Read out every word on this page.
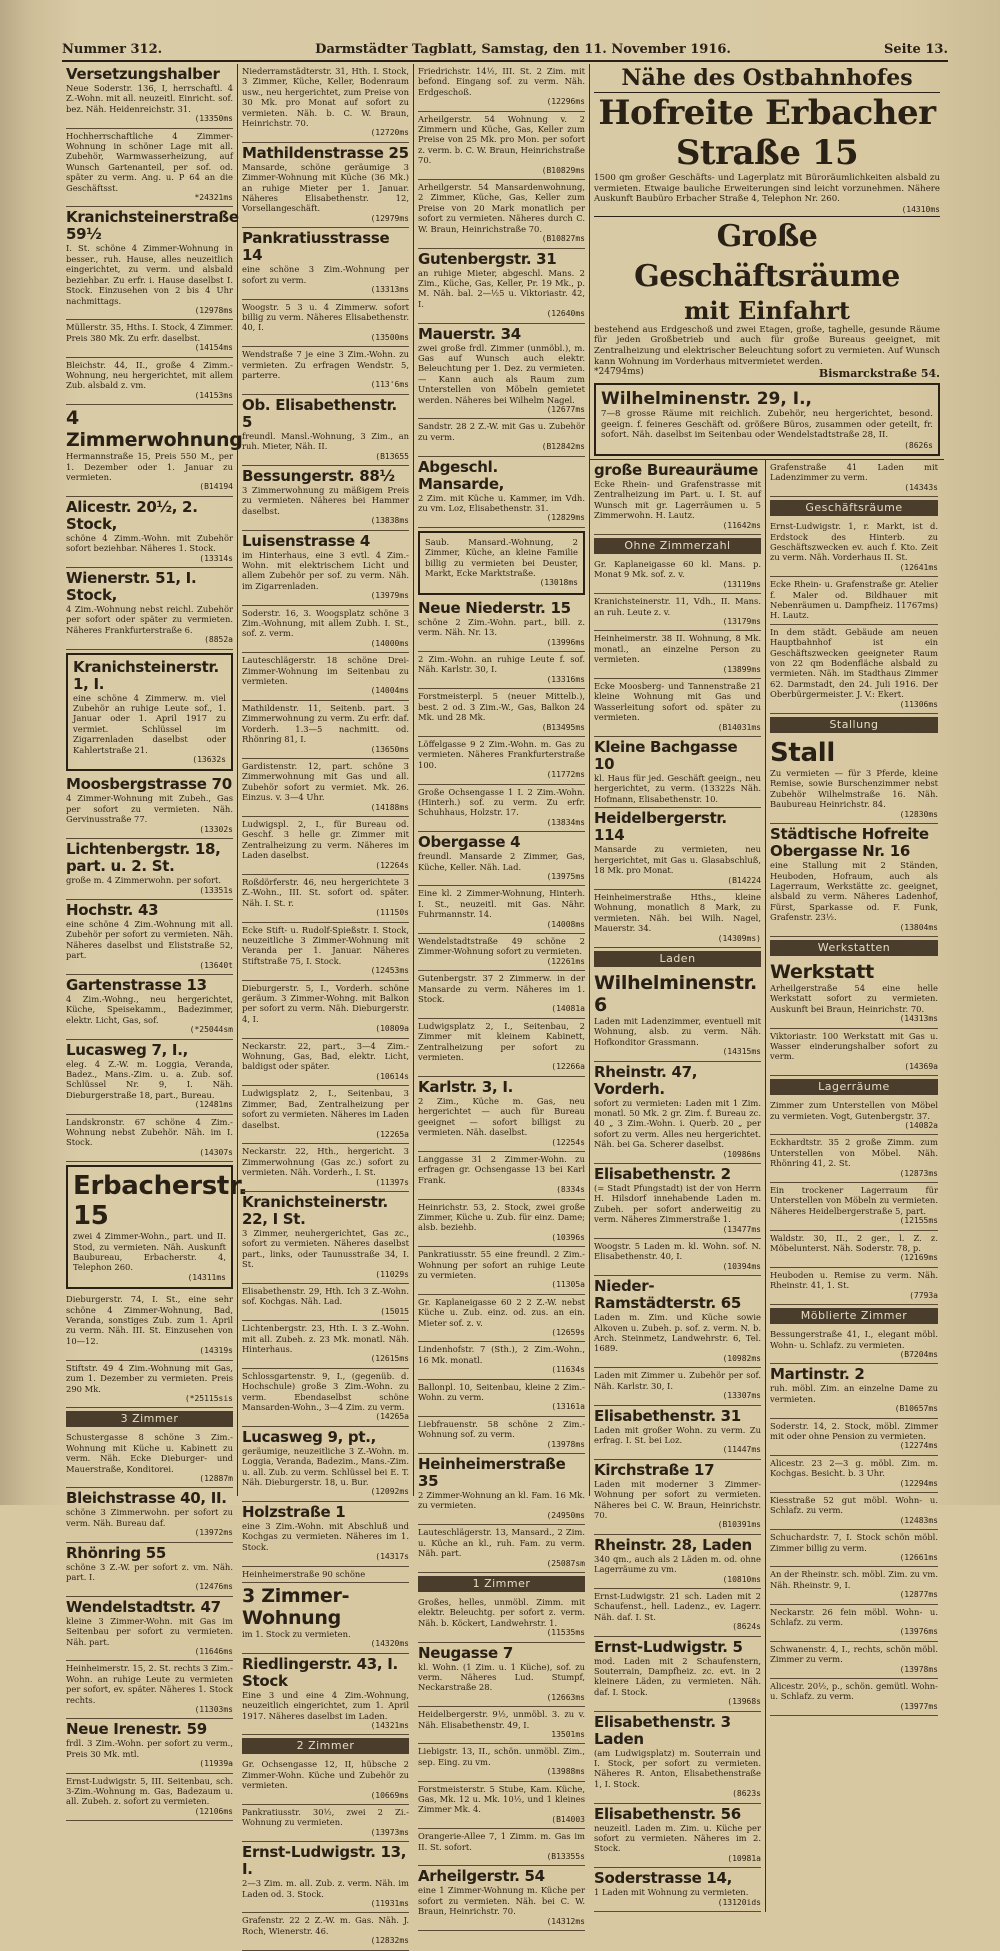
Nummer 312.	Darmstädter Tagblatt, Samstag, den 11. November 1916.	Seite 13.
Versetzungshalber
Neue Soderstr. 136, I, herrschaftl. 4 Z.-Wohn. mit all. neuzeitl. Einricht. sof. bez. Näh. Heidenreichstr. 31.
(13350ms
Hochherrschaftliche 4 Zimmer-Wohnung in schöner Lage mit all. Zubehör, Warmwasserheizung, auf Wunsch Gartenanteil, per sof. od. später zu verm. Ang. u. P 64 an die Geschäftsst.
*24321ms
Kranichsteinerstraße 59½
I. St. schöne 4 Zimmer-Wohnung in besser., ruh. Hause, alles neuzeitlich eingerichtet, zu verm. und alsbald beziehbar. Zu erfr. i. Hause daselbst I. Stock. Einzusehen von 2 bis 4 Uhr nachmittags.
(12978ms
Müllerstr. 35, Hths. I. Stock, 4 Zimmer. Preis 380 Mk. Zu erfr. daselbst.
(14154ms
Bleichstr. 44, II., große 4 Zimm.-Wohnung, neu hergerichtet, mit allem Zub. alsbald z. vm.
(14153ms
4 Zimmerwohnung
Hermannstraße 15, Preis 550 M., per 1. Dezember oder 1. Januar zu vermieten.
(B14194
Alicestr. 20½, 2. Stock,
schöne 4 Zimm.-Wohn. mit Zubehör sofort beziehbar. Näheres 1. Stock.
(13314s
Wienerstr. 51, I. Stock,
4 Zim.-Wohnung nebst reichl. Zubehör per sofort oder später zu vermieten. Näheres Frankfurterstraße 6.
(8852a
Kranichsteinerstr. 1, I.
eine schöne 4 Zimmerw. m. viel Zubehör an ruhige Leute sof., 1. Januar oder 1. April 1917 zu vermiet. Schlüssel im Zigarrenladen daselbst oder Kahlertstraße 21.
(13632s
Moosbergstrasse 70
4 Zimmer-Wohnung mit Zubeh., Gas per sofort zu vermieten. Näh. Gervinusstraße 77.
(13302s
Lichtenbergstr. 18, part. u. 2. St.
große m. 4 Zimmerwohn. per sofort.
(13351s
Hochstr. 43
eine schöne 4 Zim.-Wohnung mit all. Zubehör per sofort zu vermieten. Näh. Näheres daselbst und Eliststraße 52, part.
(13640t
Gartenstrasse 13
4 Zim.-Wohng., neu hergerichtet, Küche, Speisekamm., Badezimmer, elektr. Licht, Gas, sof.
(*25044sm
Lucasweg 7, I.,
eleg. 4 Z.-W. m. Loggia, Veranda, Badez., Mans.-Zim. u. a. Zub. sof. Schlüssel Nr. 9, I. Näh. Dieburgerstraße 18, part., Bureau.
(12481ms
Landskronstr. 67 schöne 4 Zim.-Wohnung nebst Zubehör. Näh. im I. Stock.
(14307s
Erbacherstr. 15
zwei 4 Zimmer-Wohn., part. und II. Stod, zu vermieten. Näh. Auskunft Baubureau, Erbacherstr. 4, Telephon 260.
(14311ms
Dieburgerstr. 74, I. St., eine sehr schöne 4 Zimmer-Wohnung, Bad, Veranda, sonstiges Zub. zum 1. April zu verm. Näh. III. St. Einzusehen von 10—12.
(14319s
Stiftstr. 49 4 Zim.-Wohnung mit Gas, zum 1. Dezember zu vermieten. Preis 290 Mk.
(*25115sis
3 Zimmer
Schustergasse 8 schöne 3 Zim.-Wohnung mit Küche u. Kabinett zu verm. Näh. Ecke Dieburger- und Mauerstraße, Konditorei.
(12887m
Bleichstrasse 40, II.
schöne 3 Zimmerwohn. per sofort zu verm. Näh. Bureau daf.
(13972ms
Rhönring 55
schöne 3 Z.-W. per sofort z. vm. Näh. part. I.
(12476ms
Wendelstadtstr. 47
kleine 3 Zimmer-Wohn. mit Gas im Seitenbau per sofort zu vermieten. Näh. part.
(11646ms
Heinheimerstr. 15, 2. St. rechts 3 Zim.-Wohn. an ruhige Leute zu vermieten per sofort, ev. später. Näheres 1. Stock rechts.
(11303ms
Neue Irenestr. 59
frdl. 3 Zim.-Wohn. per sofort zu verm., Preis 30 Mk. mtl.
(11939a
Ernst-Ludwigstr. 5, III. Seitenbau, sch. 3-Zim.-Wohnung m. Gas, Badezaum u. all. Zubeh. z. sofort zu vermieten.
(12106ms
Niederramstädterstr. 31, Hth. I. Stock, 3 Zimmer, Küche, Keller, Bodenraum usw., neu hergerichtet, zum Preise von 30 Mk. pro Monat auf sofort zu vermieten. Näh. b. C. W. Braun, Heinrichstr. 70.
(12720ms
Mathildenstrasse 25
Mansarde, schöne geräumige 3 Zimmer-Wohnung mit Küche (36 Mk.) an ruhige Mieter per 1. Januar. Näheres Elisabethenstr. 12, Vorsellangeschäft.
(12979ms
Pankratiusstrasse 14
eine schöne 3 Zim.-Wohnung per sofort zu verm.
(13313ms
Woogstr. 5 3 u. 4 Zimmerw. sofort billig zu verm. Näheres Elisabethenstr. 40, I.
(13500ms
Wendstraße 7 je eine 3 Zim.-Wohn. zu vermieten. Zu erfragen Wendstr. 5, parterre.
(113'6ms
Ob. Elisabethenstr. 5
freundl. Mansl.-Wohnung, 3 Zim., an ruh. Mieter, Näh. II.
(B13655
Bessungerstr. 88½
3 Zimmerwohnung zu mäßigem Preis zu vermieten. Näheres bei Hammer daselbst.
(13838ms
Luisenstrasse 4
im Hinterhaus, eine 3 evtl. 4 Zim.-Wohn. mit elektrischem Licht und allem Zubehör per sof. zu verm. Näh. im Zigarrenladen.
(13979ms
Soderstr. 16, 3. Woogsplatz schöne 3 Zim.-Wohnung, mit allem Zubh. I. St., sof. z. verm.
(14000ms
Lauteschlägerstr. 18 schöne Drei-Zimmer-Wohnung im Seitenbau zu vermieten.
(14004ms
Mathildenstr. 11, Seitenb. part. 3 Zimmerwohnung zu verm. Zu erfr. daf. Vorderh. 1.3—5 nachmitt. od. Rhönring 81, I.
(13650ms
Gardistenstr. 12, part. schöne 3 Zimmerwohnung mit Gas und all. Zubehör sofort zu vermiet. Mk. 26. Einzus. v. 3—4 Uhr.
(14188ms
Ludwigspl. 2, I., für Bureau od. Geschf. 3 helle gr. Zimmer mit Zentralheizung zu verm. Näheres im Laden daselbst.
(12264s
Roßdörferstr. 46, neu hergerichtete 3 Z.-Wohn., III. St. sofort od. später. Näh. I. St. r.
(11150s
Ecke Stift- u. Rudolf-Spießstr. I. Stock, neuzeitliche 3 Zimmer-Wohnung mit Veranda per 1. Januar. Näheres Stiftstraße 75, I. Stock.
(12453ms
Dieburgerstr. 5, I., Vorderh. schöne geräum. 3 Zimmer-Wohng. mit Balkon per sofort zu verm. Näh. Dieburgerstr. 4, I.
(10809a
Neckarstr. 22, part., 3—4 Zim.-Wohnung, Gas, Bad, elektr. Licht, baldigst oder später.
(10614s
Ludwigsplatz 2, I., Seitenbau, 3 Zimmer, Bad, Zentralheizung per sofort zu vermieten. Näheres im Laden daselbst.
(12265a
Neckarstr. 22, Hth., hergericht. 3 Zimmerwohnung (Gas zc.) sofort zu vermieten. Näh. Vorderh., I. St.
(11397s
Kranichsteinerstr. 22, I St.
3 Zimmer, neuhergerichtet, Gas zc., sofort zu vermieten. Näheres daselbst part., links, oder Taunusstraße 34, I. St.
(11029s
Elisabethenstr. 29, Hth. Ich 3 Z.-Wohn. sof. Kochgas. Näh. Lad.
(15015
Lichtenbergstr. 23, Hth. I. 3 Z.-Wohn. mit all. Zubeh. z. 23 Mk. monatl. Näh. Hinterhaus.
(12615ms
Schlossgartenstr. 9, I., (gegenüb. d. Hochschule) große 3 Zim.-Wohn. zu verm. Ebendaselbst schöne Mansarden-Wohn., 3—4 Zim. zu verm.
(14265a
Lucasweg 9, pt.,
geräumige, neuzeitliche 3 Z.-Wohn. m. Loggia, Veranda, Badezim., Mans.-Zim. u. all. Zub. zu verm. Schlüssel bei E. T. Näh. Dieburgerstr. 18, u. Bur.
(12092ms
Holzstraße 1
eine 3 Zim.-Wohn. mit Abschluß und Kochgas zu vermieten. Näheres im 1. Stock.
(14317s
Heinheimerstraße 90 schöne
3 Zimmer-Wohnung
im 1. Stock zu vermieten.
(14320ms
Riedlingerstr. 43, I. Stock
Eine 3 und eine 4 Zim.-Wohnung, neuzeitlich eingerichtet, zum 1. April 1917. Näheres daselbst im Laden.
(14321ms
2 Zimmer
Gr. Ochsengasse 12, II, hübsche 2 Zimmer-Wohn. Küche und Zubehör zu vermieten.
(10669ms
Pankratiusstr. 30½, zwei 2 Zi.-Wohnung zu vermieten.
(13973ms
Ernst-Ludwigstr. 13, I.
2—3 Zim. m. all. Zub. z. verm. Näh. im Laden od. 3. Stock.
(11931ms
Grafenstr. 22 2 Z.-W. m. Gas. Näh. J. Roch, Wienerstr. 46.
(12832ms
Friedrichstr. 14½, III. St. 2 Zim. mit befond. Eingang sof. zu verm. Näh. Erdgeschoß.
(12296ms
Arheilgerstr. 54 Wohnung v. 2 Zimmern und Küche, Gas, Keller zum Preise von 25 Mk. pro Mon. per sofort z. verm. b. C. W. Braun, Heinrichstraße 70.
(B10829ms
Arheilgerstr. 54 Mansardenwohnung, 2 Zimmer, Küche, Gas, Keller zum Preise von 20 Mark monatlich per sofort zu vermieten. Näheres durch C. W. Braun, Heinrichstraße 70.
(B10827ms
Gutenbergstr. 31
an ruhige Mieter, abgeschl. Mans. 2 Zim., Küche, Gas, Keller, Pr. 19 Mk., p. M. Näh. bal. 2—½5 u. Viktoriastr. 42, I.
(12640ms
Mauerstr. 34
zwei große frdl. Zimmer (unmöbl.), m. Gas auf Wunsch auch elektr. Beleuchtung per 1. Dez. zu vermieten. — Kann auch als Raum zum Unterstellen von Möbeln gemietet werden. Näheres bei Wilhelm Nagel.
(12677ms
Sandstr. 28 2 Z.-W. mit Gas u. Zubehör zu verm.
(B12842ms
Abgeschl. Mansarde,
2 Zim. mit Küche u. Kammer, im Vdh. zu vm. Loz, Elisabethenstr. 31.
(12829ms
Saub. Mansard.-Wohnung, 2 Zimmer, Küche, an kleine Familie billig zu vermieten bei Deuster, Markt, Ecke Marktstraße.
(13018ms
Neue Niederstr. 15
schöne 2 Zim.-Wohn. part., bill. z. verm. Näh. Nr. 13.
(13996ms
2 Zim.-Wohn. an ruhige Leute f. sof. Näh. Karlstr. 30, I.
(13316ms
Forstmeisterpl. 5 (neuer Mittelb.), best. 2 od. 3 Zim.-W., Gas, Balkon 24 Mk. und 28 Mk.
(B13495ms
Löffelgasse 9 2 Zim.-Wohn. m. Gas zu vermieten. Näheres Frankfurterstraße 100.
(11772ms
Große Ochsengasse 1 I. 2 Zim.-Wohn. (Hinterh.) sof. zu verm. Zu erfr. Schuhhaus, Holzstr. 17.
(13834ms
Obergasse 4
freundl. Mansarde 2 Zimmer, Gas, Küche, Keller. Näh. Lad.
(13975ms
Eine kl. 2 Zimmer-Wohnung, Hinterh. I. St., neuzeitl. mit Gas. Nähr. Fuhrmannstr. 14.
(14008ms
Wendelstadtstraße 49 schöne 2 Zimmer-Wohnung sofort zu vermieten.
(12261ms
Gutenbergstr. 37 2 Zimmerw. in der Mansarde zu verm. Näheres im 1. Stock.
(14081a
Ludwigsplatz 2, I., Seitenbau, 2 Zimmer mit kleinem Kabinett, Zentralheizung per sofort zu vermieten.
(12266a
Karlstr. 3, I.
2 Zim., Küche m. Gas, neu hergerichtet — auch für Bureau geeignet — sofort billigst zu vermieten. Näh. daselbst.
(12254s
Langgasse 31 2 Zimmer-Wohn. zu erfragen gr. Ochsengasse 13 bei Karl Frank.
(8334s
Heinrichstr. 53, 2. Stock, zwei große Zimmer, Küche u. Zub. für einz. Dame; alsb. beziehb.
(10396s
Pankratiusstr. 55 eine freundl. 2 Zim.-Wohnung per sofort an ruhige Leute zu vermieten.
(11305a
Gr. Kaplaneigasse 60 2 2 Z.-W. nebst Küche u. Zub. einz. od. zus. an ein. Mieter sof. z. v.
(12659s
Lindenhofstr. 7 (Sth.), 2 Zim.-Wohn., 16 Mk. monatl.
(11634s
Ballonpl. 10, Seitenbau, kleine 2 Zim.-Wohn. zu verm.
(13161a
Liebfrauenstr. 58 schöne 2 Zim.-Wohnung sof. zu verm.
(13978ms
Heinheimerstraße 35
2 Zimmer-Wohnung an kl. Fam. 16 Mk. zu vermieten.
(24950ms
Lauteschlägerstr. 13, Mansard., 2 Zim. u. Küche an kl., ruh. Fam. zu verm. Näh. part.
(25087sm
1 Zimmer
Großes, helles, unmöbl. Zimm. mit elektr. Beleuchtg. per sofort z. verm. Näh. b. Köckert, Landwehrstr. 1.
(11535ms
Neugasse 7
kl. Wohn. (1 Zim. u. 1 Küche), sof. zu verm. Näheres Lud. Stumpf, Neckarstraße 28.
(12663ms
Heidelbergerstr. 9½, unmöbl. 3. zu v. Näh. Elisabethenstr. 49, I.
13501ms
Liebigstr. 13, II., schön. unmöbl. Zim., sep. Eing. zu vm.
(13988ms
Forstmeisterstr. 5 Stube, Kam. Küche, Gas, Mk. 12 u. Mk. 10½, und 1 kleines Zimmer Mk. 4.
(B14003
Orangerie-Allee 7, 1 Zimm. m. Gas im II. St. sofort.
(B13355s
Arheilgerstr. 54
eine 1 Zimmer-Wohnung m. Küche per sofort zu vermieten. Näh. bei C. W. Braun, Heinrichstr. 70.
(14312ms
Nähe des Ostbahnhofes
Hofreite Erbacher Straße 15
1500 qm großer Geschäfts- und Lagerplatz mit Büroräumlichkeiten alsbald zu vermieten. Etwaige bauliche Erweiterungen sind leicht vorzunehmen. Nähere Auskunft Baubüro Erbacher Straße 4, Telephon Nr. 260.
(14310ms
Große Geschäftsräume
mit Einfahrt
bestehend aus Erdgeschoß und zwei Etagen, große, taghelle, gesunde Räume für jeden Großbetrieb und auch für große Bureaus geeignet, mit Zentralheizung und elektrischer Beleuchtung sofort zu vermieten. Auf Wunsch kann Wohnung im Vorderhaus mitvermietet werden.
*24794ms)	Bismarckstraße 54.
Wilhelminenstr. 29, I.,
7—8 grosse Räume mit reichlich. Zubehör, neu hergerichtet, besond. geeign. f. feineres Geschäft od. größere Büros, zusammen oder geteilt, fr. sofort. Näh. daselbst im Seitenbau oder Wendelstadtstraße 28, II.
(8626s
große Bureauräume
Ecke Rhein- und Grafenstrasse mit Zentralheizung im Part. u. I. St. auf Wunsch mit gr. Lagerräumen u. 5 Zimmerwohn. H. Lautz.
(11642ms
Ohne Zimmerzahl
Gr. Kaplaneigasse 60 kl. Mans. p. Monat 9 Mk. sof. z. v.
(13119ms
Kranichsteinerstr. 11, Vdh., II. Mans. an ruh. Leute z. v.
(13179ms
Heinheimerstr. 38 II. Wohnung, 8 Mk. monatl., an einzelne Person zu vermieten.
(13899ms
Ecke Moosberg- und Tannenstraße 21 kleine Wohnung mit Gas und Wasserleitung sofort od. später zu vermieten.
(B14031ms
Kleine Bachgasse 10
kl. Haus für jed. Geschäft geeign., neu hergerichtet, zu verm. (13322s Näh. Hofmann, Elisabethenstr. 10.
Heidelbergerstr. 114
Mansarde zu vermieten, neu hergerichtet, mit Gas u. Glasabschluß, 18 Mk. pro Monat.
(B14224
Heinheimerstraße Hths., kleine Wohnung, monatlich 8 Mark, zu vermieten. Näh. bei Wilh. Nagel, Mauerstr. 34.
(14309ms)
Laden
Wilhelminenstr. 6
Laden mit Ladenzimmer, eventuell mit Wohnung, alsb. zu verm. Näh. Hofkonditor Grassmann.
(14315ms
Rheinstr. 47, Vorderh.
sofort zu vermieten: Laden mit 1 Zim. monatl. 50 Mk. 2 gr. Zim. f. Bureau zc. 40 „ 3 Zim.-Wohn. i. Querb. 20 „ per sofort zu verm. Alles neu hergerichtet. Näh. bei Ga. Scherer daselbst.
(10986ms
Elisabethenstr. 2
(= Stadt Pfungstadt) ist der von Herrn H. Hilsdorf innehabende Laden m. Zubeh. per sofort anderweitig zu verm. Näheres Zimmerstraße 1.
(13477ms
Woogstr. 5 Laden m. kl. Wohn. sof. N. Elisabethenstr. 40, I.
(10394ms
Nieder-Ramstädterstr. 65
Laden m. Zim. und Küche sowie Alkoven u. Zubeh. p. sof. z. verm. N. b. Arch. Steinmetz, Landwehrstr. 6, Tel. 1689.
(10982ms
Laden mit Zimmer u. Zubehör per sof. Näh. Karlstr. 30, I.
(13307ms
Elisabethenstr. 31
Laden mit großer Wohn. zu verm. Zu erfrag. I. St. bei Loz.
(11447ms
Kirchstraße 17
Laden mit moderner 3 Zimmer-Wohnung per sofort zu vermieten. Näheres bei C. W. Braun, Heinrichstr. 70.
(B10391ms
Rheinstr. 28, Laden
340 qm., auch als 2 Läden m. od. ohne Lagerräume zu vm.
(10810ms
Ernst-Ludwigstr. 21 sch. Laden mit 2 Schaufenst., hell. Ladenz., ev. Lagerr. Näh. daf. I. St.
(8624s
Ernst-Ludwigstr. 5
mod. Laden mit 2 Schaufenstern, Souterrain, Dampfheiz. zc. evt. in 2 kleinere Läden, zu vermieten. Näh. daf. I. Stock.
(13968s
Elisabethenstr. 3 Laden
(am Ludwigsplatz) m. Souterrain und I. Stock, per sofort zu vermieten. Näheres R. Anton, Elisabethenstraße 1, I. Stock.
(8623s
Elisabethenstr. 56
neuzeitl. Laden m. Zim. u. Küche per sofort zu vermieten. Näheres im 2. Stock.
(10981a
Soderstrasse 14,
1 Laden mit Wohnung zu vermieten.
(13120ids
Grafenstraße 41 Laden mit Ladenzimmer zu verm.
(14343s
Geschäftsräume
Ernst-Ludwigstr. 1, r. Markt, ist d. Erdstock des Hinterb. zu Geschäftszwecken ev. auch f. Kto. Zeit zu verm. Näh. Vorderhaus II. St.
(12641ms
Ecke Rhein- u. Grafenstraße gr. Atelier f. Maler od. Bildhauer mit Nebenräumen u. Dampfheiz. 11767ms) H. Lautz.
In dem städt. Gebäude am neuen Hauptbahnhof ist ein Geschäftszwecken geeigneter Raum von 22 qm Bodenfläche alsbald zu vermieten. Näh. im Stadthaus Zimmer 62. Darmstadt, den 24. Juli 1916. Der Oberbürgermeister. J. V.: Ekert.
(11306ms
Stallung
Stall
Zu vermieten — für 3 Pferde, kleine Remise, sowie Burschenzimmer nebst Zubehör Wilhelmstraße 16. Näh. Baubureau Heinrichstr. 84.
(12830ms
Städtische Hofreite Obergasse Nr. 16
eine Stallung mit 2 Ständen, Heuboden, Hofraum, auch als Lagerraum, Werkstätte zc. geeignet, alsbald zu verm. Näheres Ladenhof, Fürst, Sparkasse od. F. Funk, Grafenstr. 23½.
(13804ms
Werkstatten
Werkstatt
Arheilgerstraße 54 eine helle Werkstatt sofort zu vermieten. Auskunft bei Braun, Heinrichstr. 70.
(14313ms
Viktoriastr. 100 Werkstatt mit Gas u. Wasser einderungshalber sofort zu verm.
(14369a
Lagerräume
Zimmer zum Unterstellen von Möbel zu vermieten. Vogt, Gutenbergstr. 37.
(14082a
Eckhardtstr. 35 2 große Zimm. zum Unterstellen von Möbel. Näh. Rhönring 41, 2. St.
(12873ms
Ein trockener Lagerraum für Unterstellen von Möbeln zu vermieten. Näheres Heidelbergerstraße 5, part.
(12155ms
Waldstr. 30, II., 2 ger., l. Z. z. Möbelunterst. Näh. Soderstr. 78, p.
(12169ms
Heuboden u. Remise zu verm. Näh. Rheinstr. 41, 1. St.
(7793a
Möblierte Zimmer
Bessungerstraße 41, I., elegant möbl. Wohn- u. Schlafz. zu vermieten.
(B7204ms
Martinstr. 2
ruh. möbl. Zim. an einzelne Dame zu vermieten.
(B10657ms
Soderstr. 14, 2. Stock, möbl. Zimmer mit oder ohne Pension zu vermieten.
(12274ms
Alicestr. 23 2—3 g. möbl. Zim. m. Kochgas. Besicht. b. 3 Uhr.
(12294ms
Kiesstraße 52 gut möbl. Wohn- u. Schlafz. zu verm.
(12483ms
Schuchardstr. 7, I. Stock schön möbl. Zimmer billig zu verm.
(12661ms
An der Rheinstr. sch. möbl. Zim. zu vm. Näh. Rheinstr. 9, I.
(12877ms
Neckarstr. 26 fein möbl. Wohn- u. Schlafz. zu verm.
(13976ms
Schwanenstr. 4, I., rechts, schön möbl. Zimmer zu verm.
(13978ms
Alicestr. 20½, p., schön. gemütl. Wohn- u. Schlafz. zu verm.
(13977ms
